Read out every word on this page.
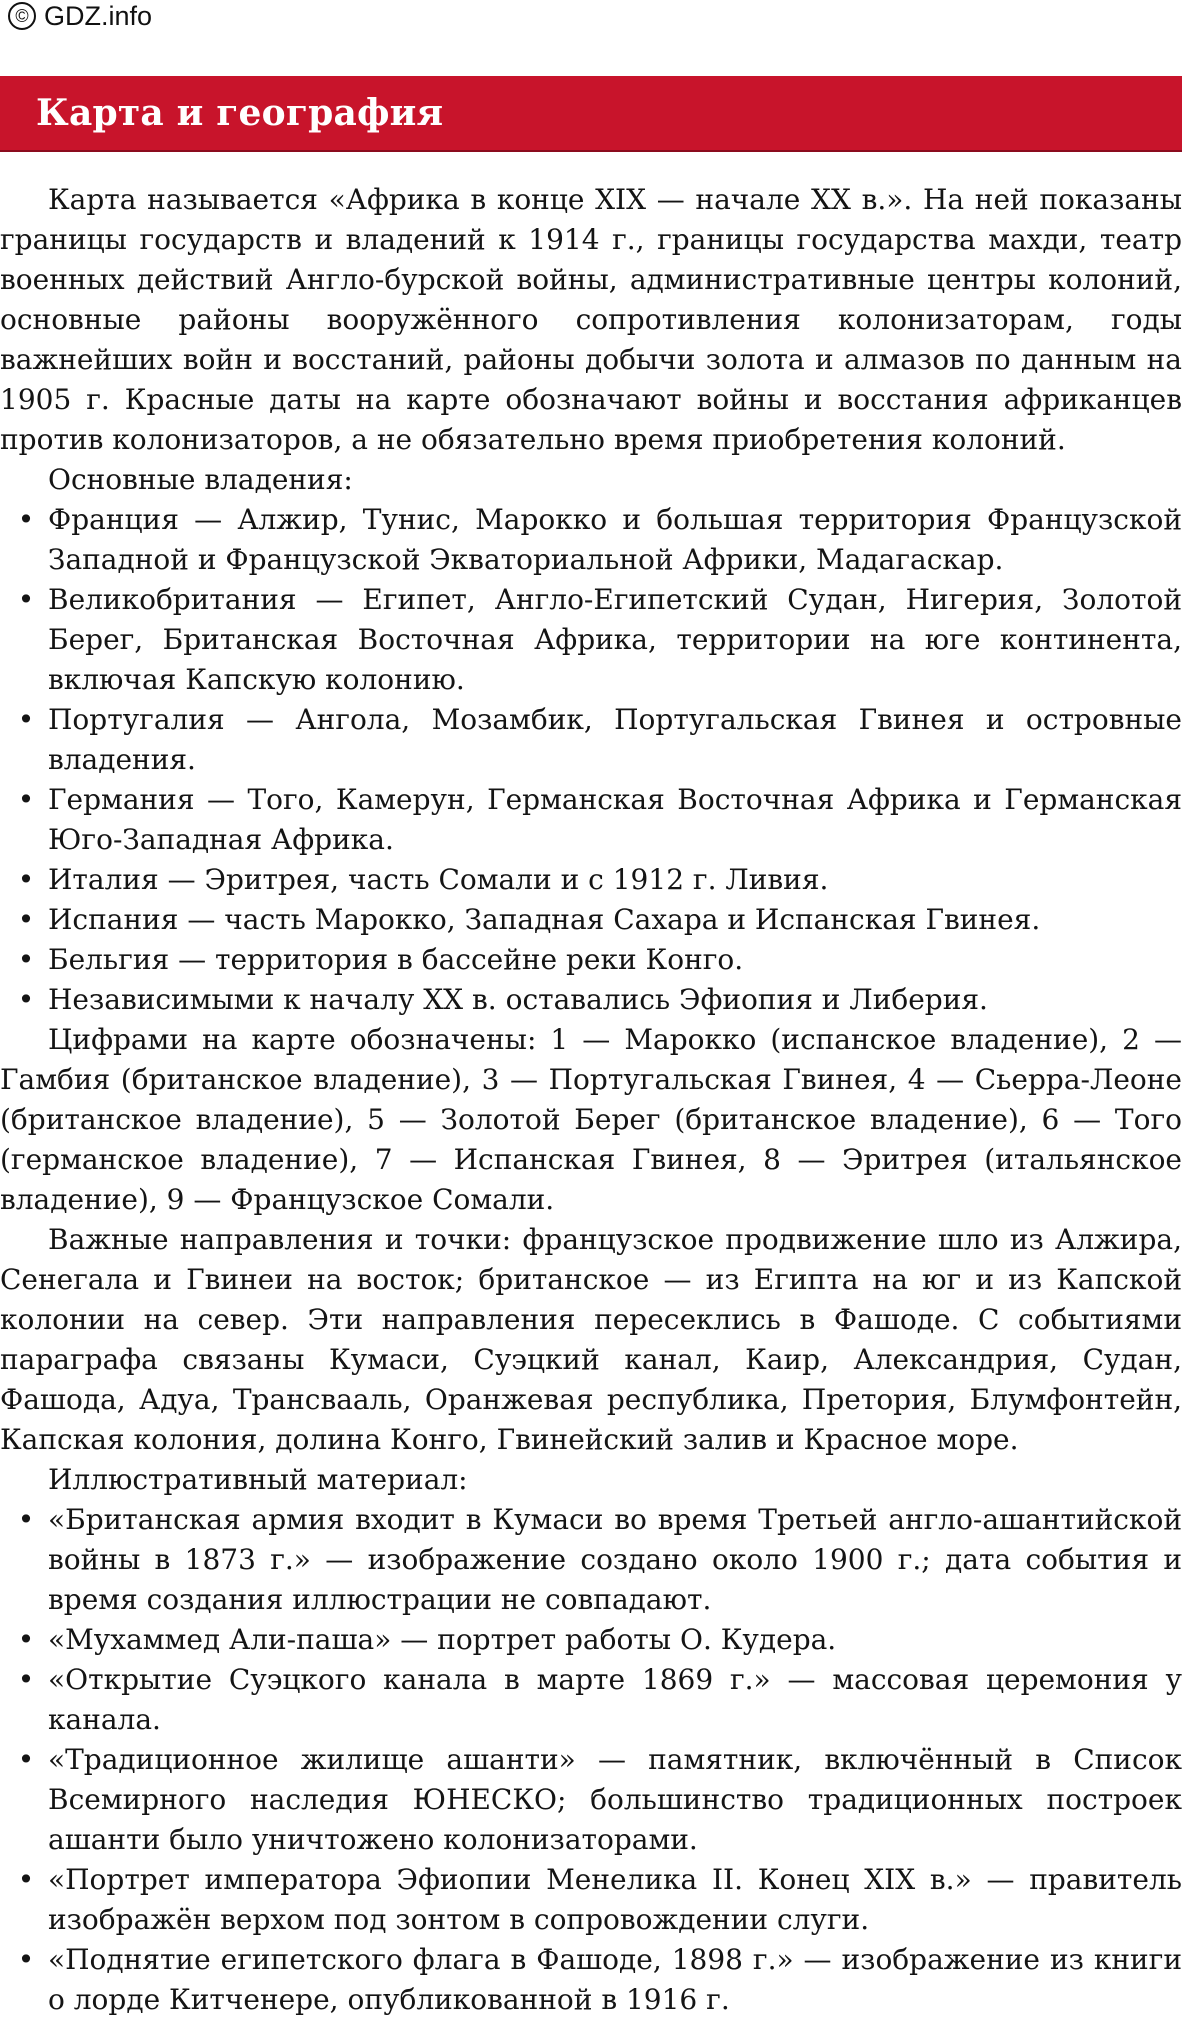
© GDZ.info
Карта и география

Карта называется «Африка в конце XIX — начале XX в.». На ней показаны границы государств и владений к 1914 г., границы государства махди, театр военных действий Англо-бурской войны, административные центры колоний, основные районы вооружённого сопротивления колонизаторам, годы важнейших войн и восстаний, районы добычи золота и алмазов по данным на 1905 г. Красные даты на карте обозначают войны и восстания африканцев против колонизаторов, а не обязательно время приобретения колоний.

Основные владения:

• Франция — Алжир, Тунис, Марокко и большая территория Французской Западной и Французской Экваториальной Африки, Мадагаскар.
• Великобритания — Египет, Англо-Египетский Судан, Нигерия, Золотой Берег, Британская Восточная Африка, территории на юге континента, включая Капскую колонию.
• Португалия — Ангола, Мозамбик, Португальская Гвинея и островные владения.
• Германия — Того, Камерун, Германская Восточная Африка и Германская Юго-Западная Африка.
• Италия — Эритрея, часть Сомали и с 1912 г. Ливия.
• Испания — часть Марокко, Западная Сахара и Испанская Гвинея.
• Бельгия — территория в бассейне реки Конго.
• Независимыми к началу XX в. оставались Эфиопия и Либерия.

Цифрами на карте обозначены: 1 — Марокко (испанское владение), 2 — Гамбия (британское владение), 3 — Португальская Гвинея, 4 — Сьерра-Леоне (британское владение), 5 — Золотой Берег (британское владение), 6 — Того (германское владение), 7 — Испанская Гвинея, 8 — Эритрея (итальянское владение), 9 — Французское Сомали.

Важные направления и точки: французское продвижение шло из Алжира, Сенегала и Гвинеи на восток; британское — из Египта на юг и из Капской колонии на север. Эти направления пересеклись в Фашоде. С событиями параграфа связаны Кумаси, Суэцкий канал, Каир, Александрия, Судан, Фашода, Адуа, Трансвааль, Оранжевая республика, Претория, Блумфонтейн, Капская колония, долина Конго, Гвинейский залив и Красное море.

Иллюстративный материал:

• «Британская армия входит в Кумаси во время Третьей англо-ашантийской войны в 1873 г.» — изображение создано около 1900 г.; дата события и время создания иллюстрации не совпадают.
• «Мухаммед Али-паша» — портрет работы О. Кудера.
• «Открытие Суэцкого канала в марте 1869 г.» — массовая церемония у канала.
• «Традиционное жилище ашанти» — памятник, включённый в Список Всемирного наследия ЮНЕСКО; большинство традиционных построек ашанти было уничтожено колонизаторами.
• «Портрет императора Эфиопии Менелика II. Конец XIX в.» — правитель изображён верхом под зонтом в сопровождении слуги.
• «Поднятие египетского флага в Фашоде, 1898 г.» — изображение из книги о лорде Китченере, опубликованной в 1916 г.
